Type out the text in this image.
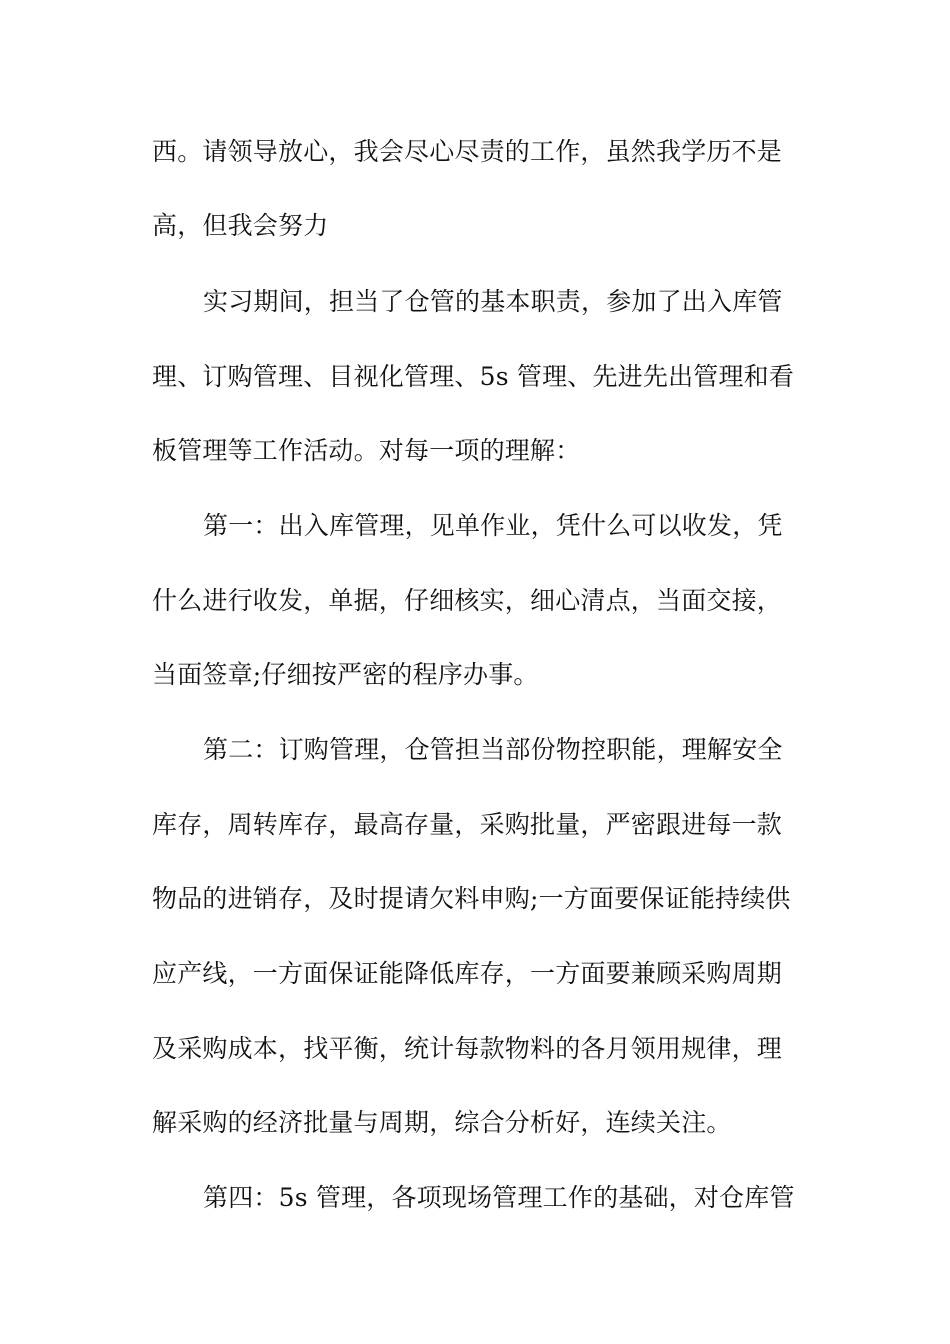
西。请领导放心，我会尽心尽责的工作，虽然我学历不是
高，但我会努力
实习期间，担当了仓管的基本职责，参加了出入库管
理、订购管理、目视化管理、5s 管理、先进先出管理和看
板管理等工作活动。对每一项的理解：
第一：出入库管理，见单作业，凭什么可以收发，凭
什么进行收发，单据，仔细核实，细心清点，当面交接，
当面签章;仔细按严密的程序办事。
第二：订购管理，仓管担当部份物控职能，理解安全
库存，周转库存，最高存量，采购批量，严密跟进每一款
物品的进销存，及时提请欠料申购;一方面要保证能持续供
应产线，一方面保证能降低库存，一方面要兼顾采购周期
及采购成本，找平衡，统计每款物料的各月领用规律，理
解采购的经济批量与周期，综合分析好，连续关注。
第四：5s 管理，各项现场管理工作的基础，对仓库管
